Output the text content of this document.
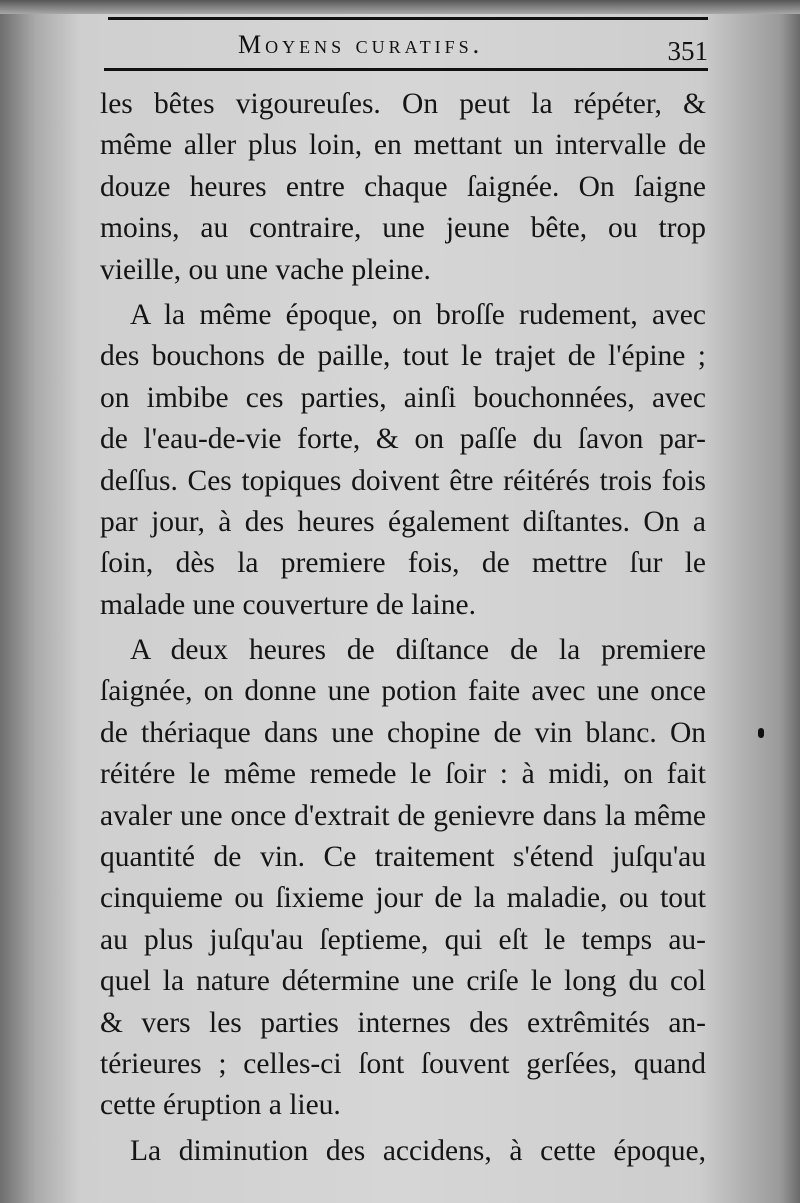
Moyens curatifs.	351
les bêtes vigoureuſes. On peut la répéter, &
même aller plus loin, en mettant un intervalle de
douze heures entre chaque ſaignée. On ſaigne
moins, au contraire, une jeune bête, ou trop
vieille, ou une vache pleine.
A la même époque, on broſſe rudement, avec
des bouchons de paille, tout le trajet de l'épine ;
on imbibe ces parties, ainſi bouchonnées, avec
de l'eau-de-vie forte, & on paſſe du ſavon par-
deſſus. Ces topiques doivent être réitérés trois fois
par jour, à des heures également diſtantes. On a
ſoin, dès la premiere fois, de mettre ſur le
malade une couverture de laine.
A deux heures de diſtance de la premiere
ſaignée, on donne une potion faite avec une once
de thériaque dans une chopine de vin blanc. On
réitére le même remede le ſoir : à midi, on fait
avaler une once d'extrait de genievre dans la même
quantité de vin. Ce traitement s'étend juſqu'au
cinquieme ou ſixieme jour de la maladie, ou tout
au plus juſqu'au ſeptieme, qui eſt le temps au-
quel la nature détermine une criſe le long du col
& vers les parties internes des extrêmités an-
térieures ; celles-ci ſont ſouvent gerſées, quand
cette éruption a lieu.
La diminution des accidens, à cette époque,
